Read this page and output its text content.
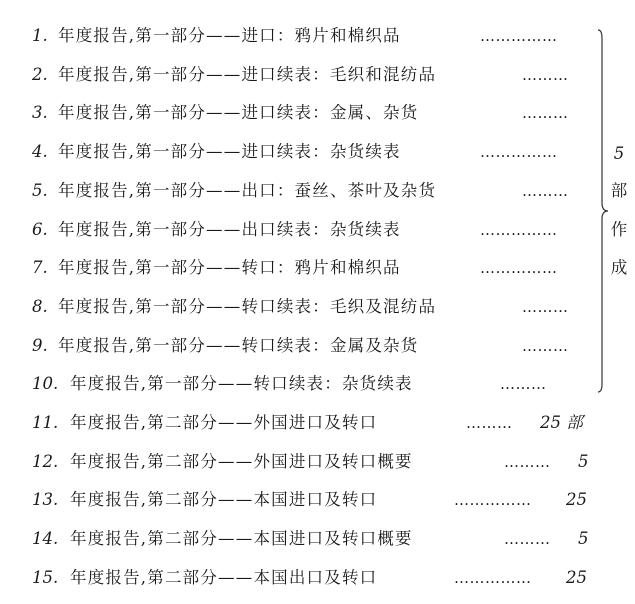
1. 年度报告,第一部分——进口：鸦片和棉织品	……………
2. 年度报告,第一部分——进口续表：毛织和混纺品	………
3. 年度报告,第一部分——进口续表：金属、杂货	………
4. 年度报告,第一部分——进口续表：杂货续表	……………
5. 年度报告,第一部分——出口：蚕丝、茶叶及杂货	………
6. 年度报告,第一部分——出口续表：杂货续表	……………
7. 年度报告,第一部分——转口：鸦片和棉织品	……………
8. 年度报告,第一部分——转口续表：毛织及混纺品	………
9. 年度报告,第一部分——转口续表：金属及杂货	………
10. 年度报告,第一部分——转口续表：杂货续表	………
11. 年度报告,第二部分——外国进口及转口	……… 25 部
12. 年度报告,第二部分——外国进口及转口概要	……… 5
13. 年度报告,第二部分——本国进口及转口	…………… 25
14. 年度报告,第二部分——本国进口及转口概要	……… 5
15. 年度报告,第二部分——本国出口及转口	…………… 25
5
部
作
成
